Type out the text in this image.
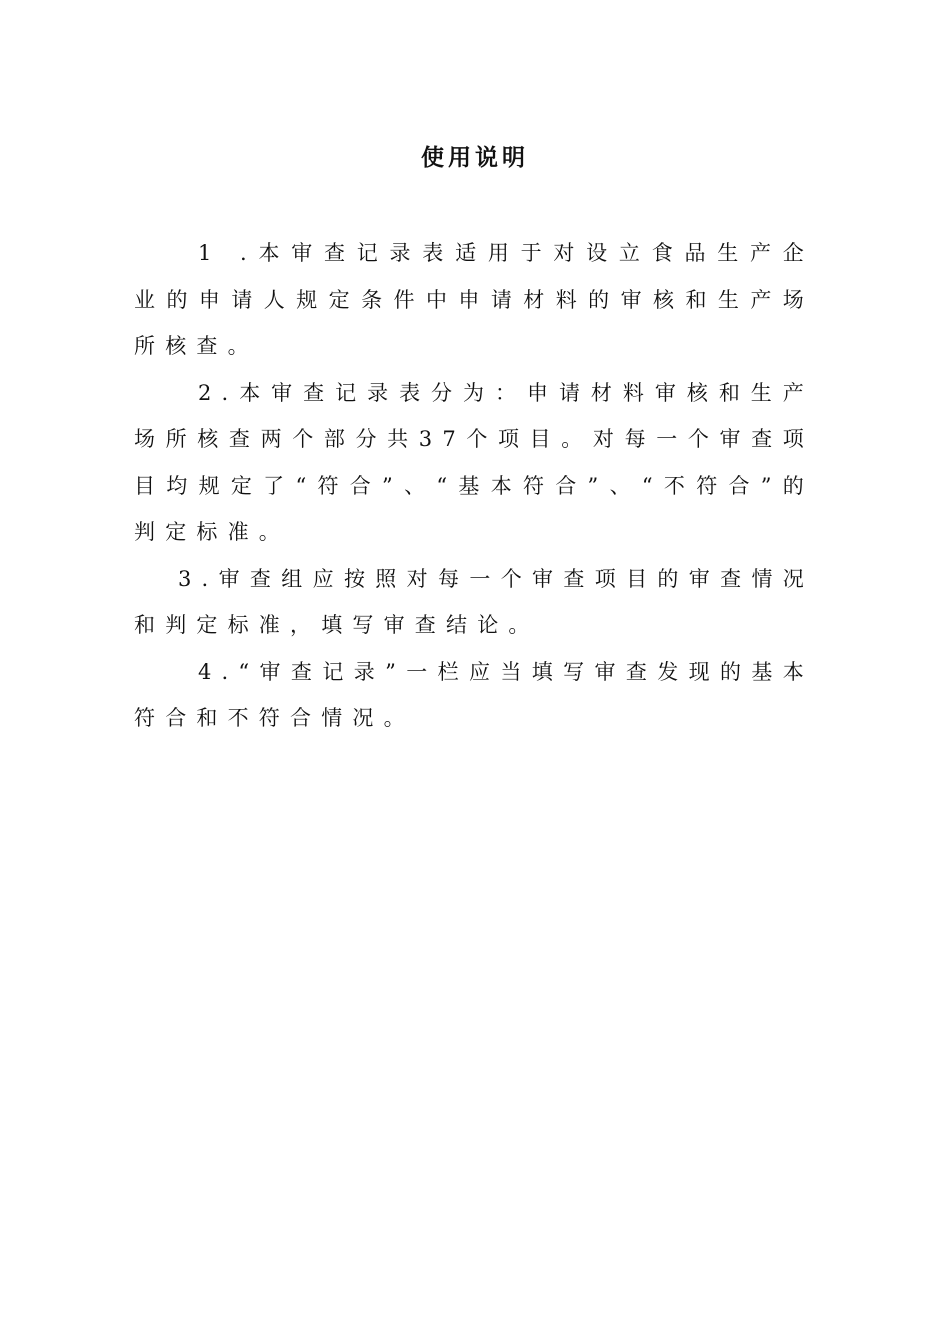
使用说明

1 .本审查记录表适用于对设立食品生产企业的申请人规定条件中申请材料的审核和生产场所核查。

2.本审查记录表分为：申请材料审核和生产场所核查两个部分共37个项目。对每一个审查项目均规定了“符合”、“基本符合”、“不符合”的判定标准。

3.审查组应按照对每一个审查项目的审查情况和判定标准，填写审查结论。

4.“审查记录”一栏应当填写审查发现的基本符合和不符合情况。
